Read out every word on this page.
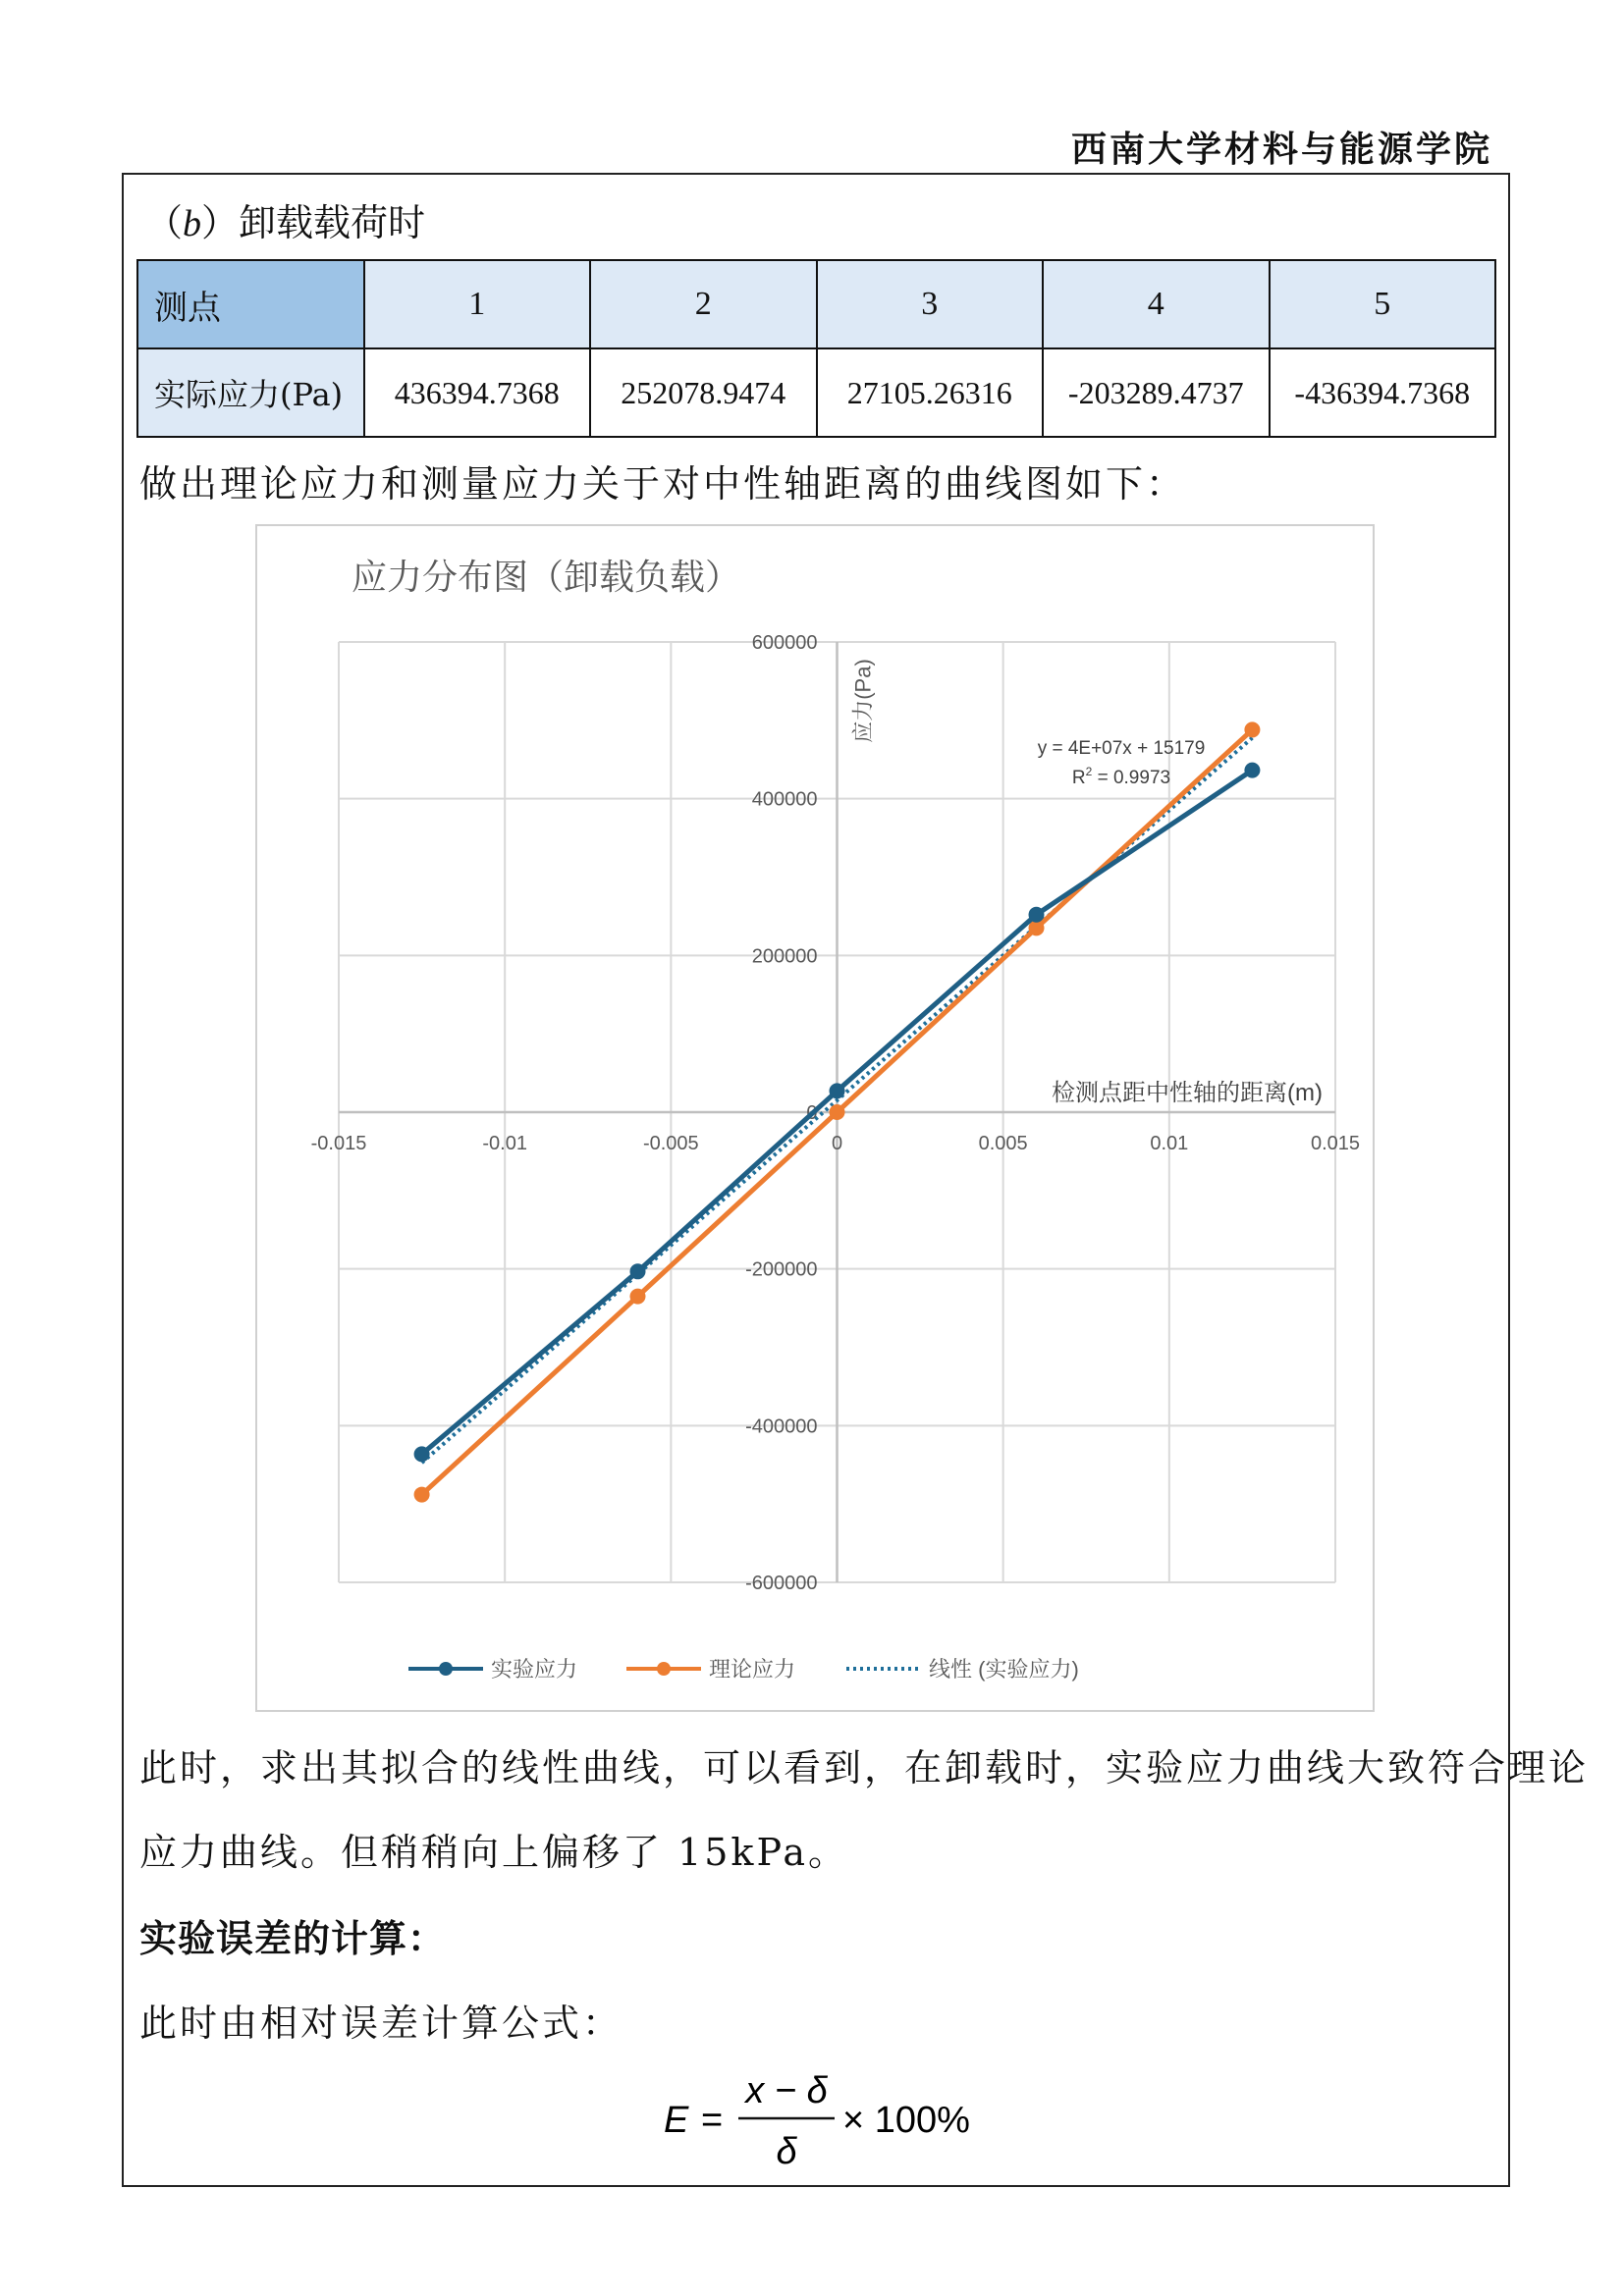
西南大学材料与能源学院
（b）卸载载荷时
测点	1	2	3	4	5
实际应力(Pa)	436394.7368	252078.9474	27105.26316	-203289.4737	-436394.7368
做出理论应力和测量应力关于对中性轴距离的曲线图如下：
应力分布图（卸载负载）
-0.015	-0.01	-0.005	0	0.005	0.01	0.015
600000
400000
200000
0
-200000
-400000
-600000
应力(Pa)
检测点距中性轴的距离(m)
y = 4E+07x + 15179
$R^2 = 0.9973$
实验应力	理论应力	线性 (实验应力)
此时，求出其拟合的线性曲线，可以看到，在卸载时，实验应力曲线大致符合理论
应力曲线。但稍稍向上偏移了 15kPa。
实验误差的计算：
此时由相对误差计算公式：
E =
x − δ
δ
× 100%
